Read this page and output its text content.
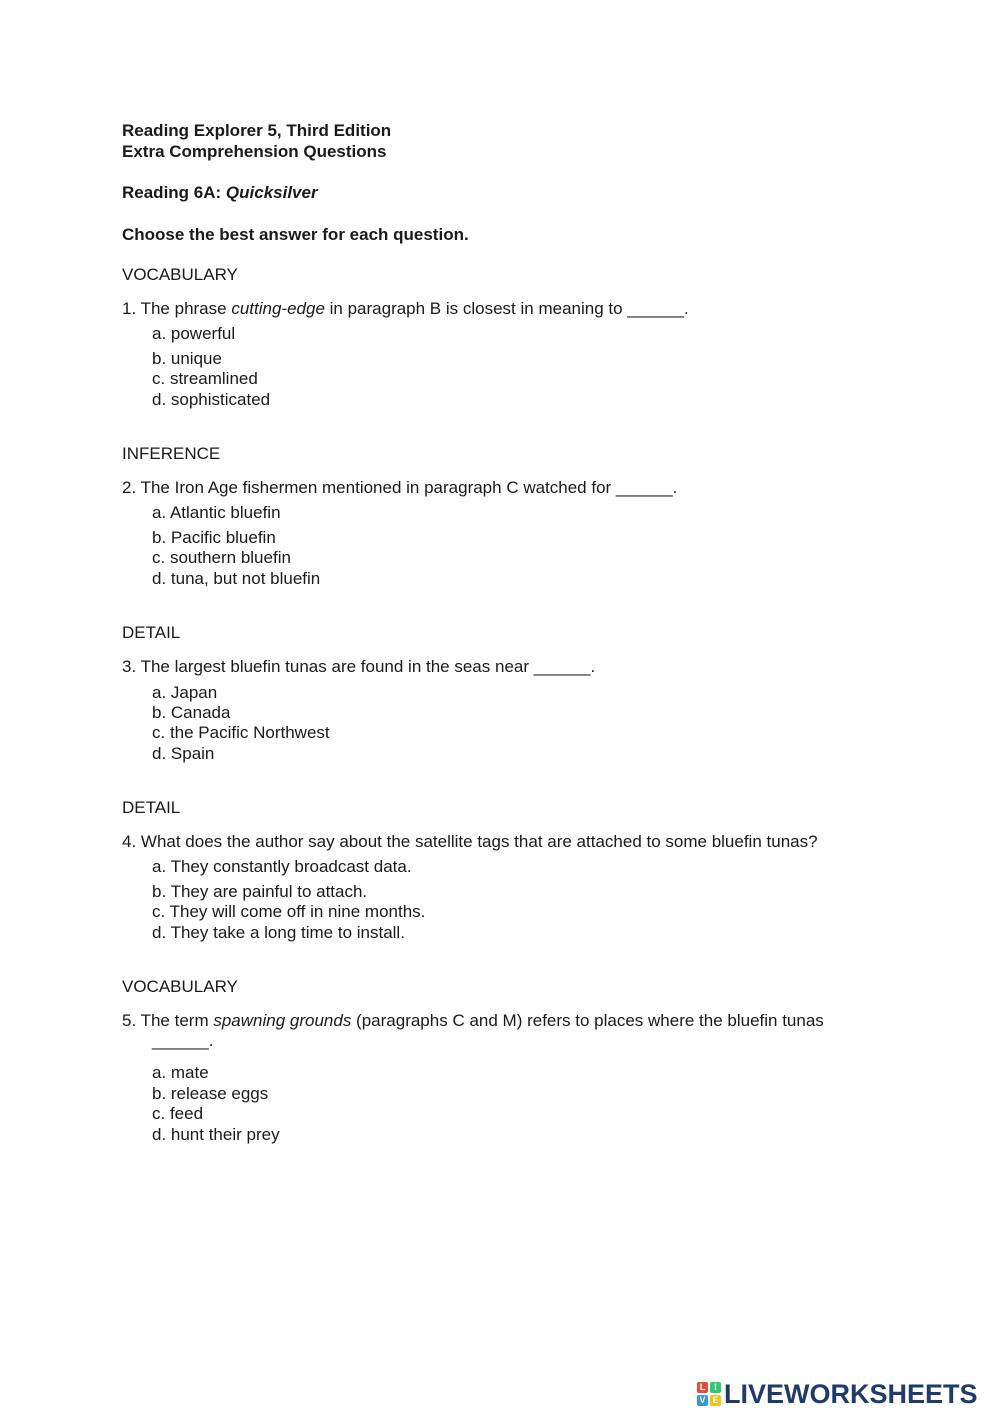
Reading Explorer 5, Third Edition
Extra Comprehension Questions
Reading 6A: Quicksilver
Choose the best answer for each question.
VOCABULARY
1. The phrase cutting-edge in paragraph B is closest in meaning to ______.
a. powerful
b. unique
c. streamlined
d. sophisticated
INFERENCE
2. The Iron Age fishermen mentioned in paragraph C watched for ______.
a. Atlantic bluefin
b. Pacific bluefin
c. southern bluefin
d. tuna, but not bluefin
DETAIL
3. The largest bluefin tunas are found in the seas near ______.
a. Japan
b. Canada
c. the Pacific Northwest
d. Spain
DETAIL
4. What does the author say about the satellite tags that are attached to some bluefin tunas?
a. They constantly broadcast data.
b. They are painful to attach.
c. They will come off in nine months.
d. They take a long time to install.
VOCABULARY
5. The term spawning grounds (paragraphs C and M) refers to places where the bluefin tunas
______.
a. mate
b. release eggs
c. feed
d. hunt their prey
L I
V E LIVEWORKSHEETS
